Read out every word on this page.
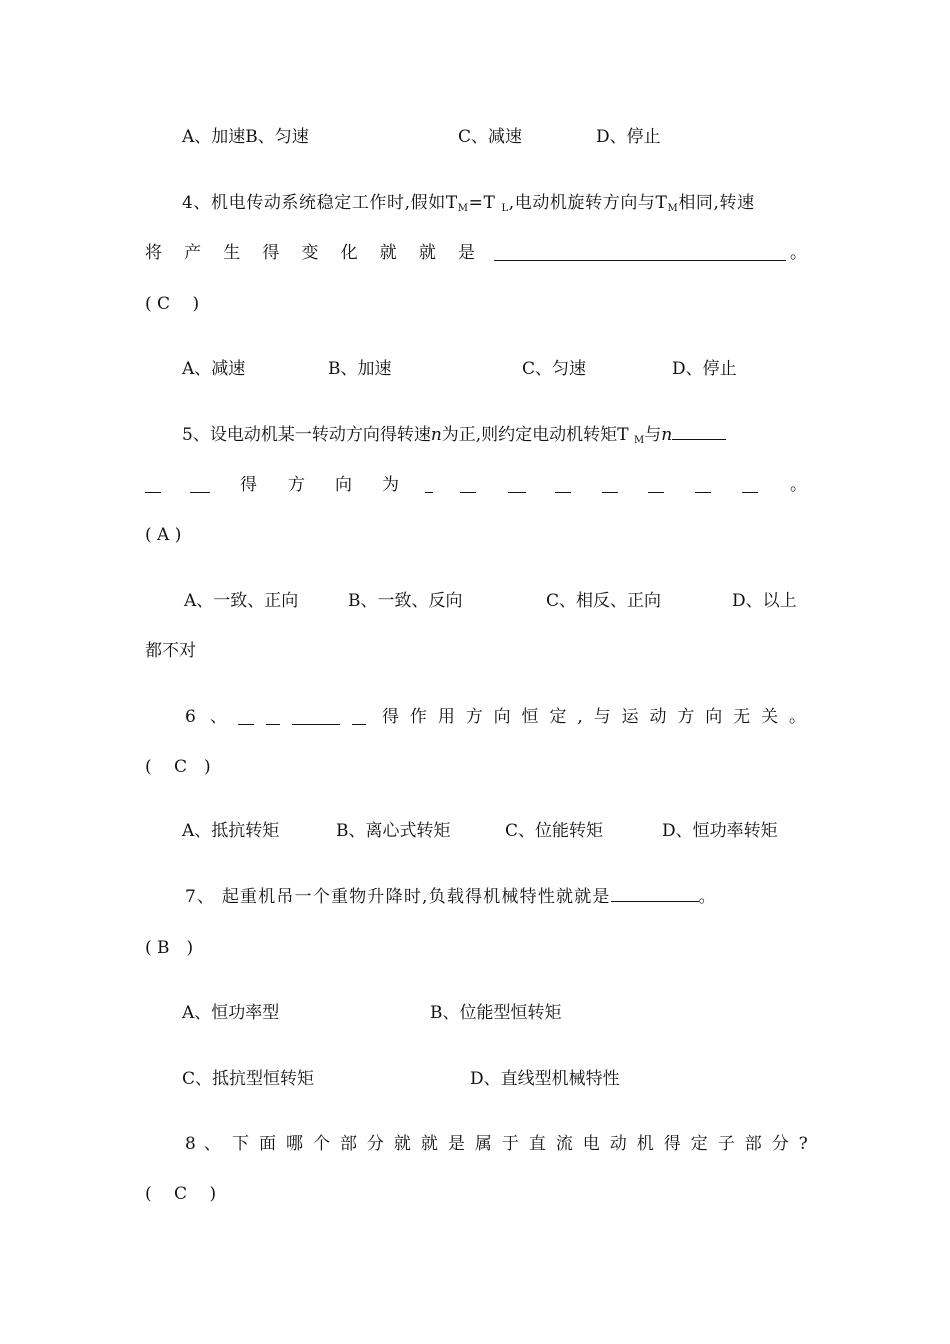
A、加速B、匀速	C、减速	D、停止
4、机电传动系统稳定工作时,假如$T_M=T$ $_L$,电动机旋转方向与$T_M$相同,转速
将 产 生 得 变 化 就 就 是	。
( C　 )
A、减速	B、加速	C、匀速	D、停止
5、设电动机某一转动方向得转速n为正,则约定电动机转矩T $_M$与n
得 方 向 为	。
( A )
A、一致、正向	B、一致、反向	C、相反、正向	D、以上
都不对
6 、	得 作 用 方 向 恒 定 , 与 运 动 方 向 无 关 。
(　 C　)
A、抵抗转矩	B、离心式转矩	C、位能转矩	D、恒功率转矩
7、 起重机吊一个重物升降时,负载得机械特性就就是	。
( B　)
A、恒功率型	B、位能型恒转矩
C、抵抗型恒转矩	D、直线型机械特性
8、 下 面 哪 个 部 分 就 就 是 属 于 直 流 电 动 机 得 定 子 部 分 ?
(　 C　 )
